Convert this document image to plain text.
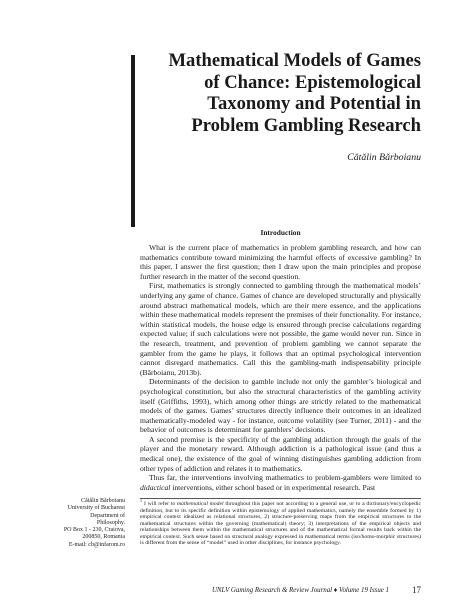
Mathematical Models of Games
of Chance: Epistemological
Taxonomy and Potential in
Problem Gambling Research
Cătălin Bărboianu
Introduction

What is the current place of mathematics in problem gambling research, and how can mathematics contribute toward minimizing the harmful effects of excessive gambling? In this paper, I answer the first question; then I draw upon the main principles and propose further research in the matter of the second question.

First, mathematics is strongly connected to gambling through the mathematical models’ underlying any game of chance. Games of chance are developed structurally and physically around abstract mathematical models, which are their mere essence, and the applications within these mathematical models represent the premises of their functionality. For instance, within statistical models, the house edge is ensured through precise calculations regarding expected value; if such calculations were not possible, the game would never run. Since in the research, treatment, and prevention of problem gambling we cannot separate the gambler from the game he plays, it follows that an optimal psychological intervention cannot disregard mathematics. Call this the gambling-math indispensability principle (Bărboianu, 2013b).

Determinants of the decision to gamble include not only the gambler’s biological and psychological constitution, but also the structural characteristics of the gambling activity itself (Griffiths, 1993), which among other things are strictly related to the mathematical models of the games. Games’ structures directly influence their outcomes in an idealized mathematically-modeled way - for instance, outcome volatility (see Turner, 2011) - and the behavior of outcomes is determinant for gamblers’ decisions.

A second premise is the specificity of the gambling addiction through the goals of the player and the monetary reward. Although addiction is a pathological issue (and thus a medical one), the existence of the goal of winning distinguishes gambling addiction from other types of addiction and relates it to mathematics.

Thus far, the interventions involving mathematics to problem-gamblers were limited to didactical interventions, either school based or in experimental research. Past

$^1$I will refer to mathematical model throughout this paper not according to a general use, or to a dictionary/encyclopedic definition, but to its specific definition within epistemology of applied mathematics, namely the ensemble formed by 1) empirical context idealized as relational structures, 2) structure-preserving maps from the empirical structures to the mathematical structures within the governing (mathematical) theory; 3) interpretations of the empirical objects and relationships between them within the mathematical structures and of the mathematical formal results back within the empirical context. Such sense based on structural analogy expressed in mathematical terms (iso/homo-morphic structures) is different from the sense of “model” used in other disciplines, for instance psychology.
Cătălin Bărboianu
University of Bucharest
Department of
Philosophy.
PO Box 1 - 230, Craiova,
200850, Romania
E-mail: cb@infarom.ro
UNLV Gaming Research & Review Journal ♦ Volume 19 Issue 1	17
